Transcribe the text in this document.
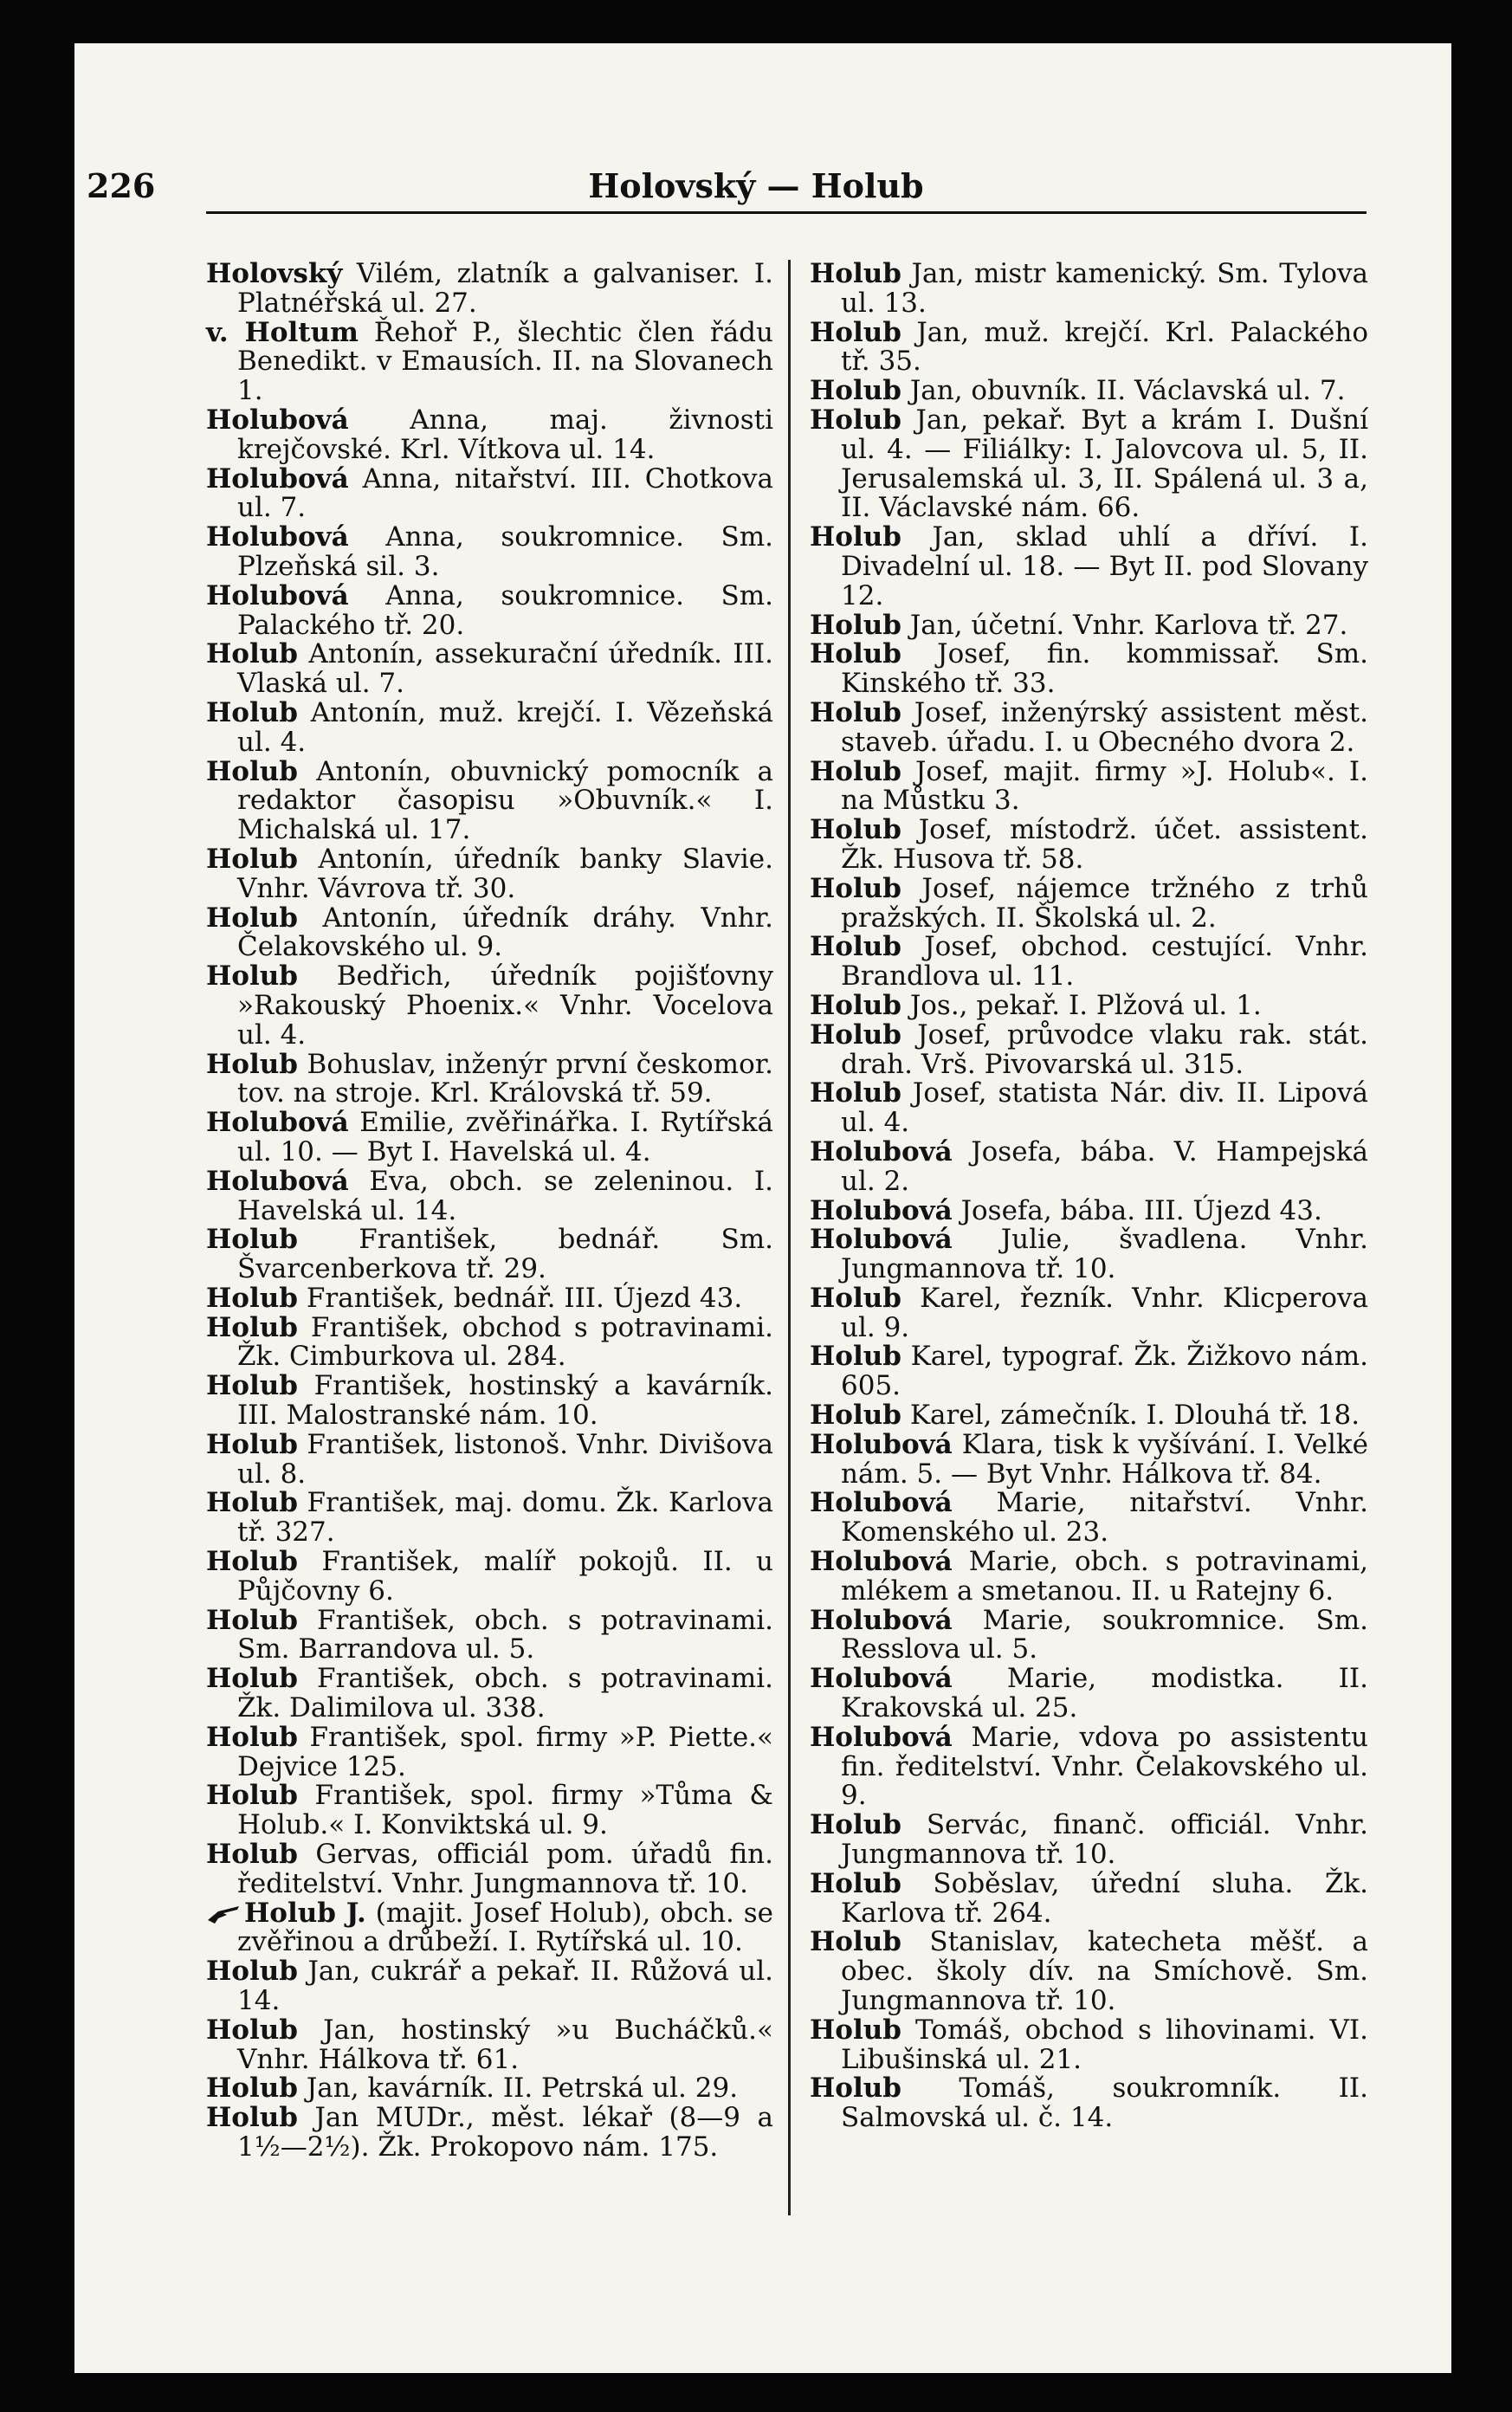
226	Holovský — Holub

Holovský Vilém, zlatník a galvaniser. I. Platnéřská ul. 27.

v. Holtum Řehoř P., šlechtic člen řádu Benedikt. v Emausích. II. na Slovanech 1.

Holubová Anna, maj. živnosti krejčovské. Krl. Vítkova ul. 14.

Holubová Anna, nitařství. III. Chotkova ul. 7.

Holubová Anna, soukromnice. Sm. Plzeňská sil. 3.

Holubová Anna, soukromnice. Sm. Palackého tř. 20.

Holub Antonín, assekurační úředník. III. Vlaská ul. 7.

Holub Antonín, muž. krejčí. I. Vězeňská ul. 4.

Holub Antonín, obuvnický pomocník a redaktor časopisu »Obuvník.« I. Michalská ul. 17.

Holub Antonín, úředník banky Slavie. Vnhr. Vávrova tř. 30.

Holub Antonín, úředník dráhy. Vnhr. Čelakovského ul. 9.

Holub Bedřich, úředník pojišťovny »Rakouský Phoenix.« Vnhr. Vocelova ul. 4.

Holub Bohuslav, inženýr první českomor. tov. na stroje. Krl. Královská tř. 59.

Holubová Emilie, zvěřinářka. I. Rytířská ul. 10. — Byt I. Havelská ul. 4.

Holubová Eva, obch. se zeleninou. I. Havelská ul. 14.

Holub František, bednář. Sm. Švarcenberkova tř. 29.

Holub František, bednář. III. Újezd 43.

Holub František, obchod s potravinami. Žk. Cimburkova ul. 284.

Holub František, hostinský a kavárník. III. Malostranské nám. 10.

Holub František, listonoš. Vnhr. Divišova ul. 8.

Holub František, maj. domu. Žk. Karlova tř. 327.

Holub František, malíř pokojů. II. u Půjčovny 6.

Holub František, obch. s potravinami. Sm. Barrandova ul. 5.

Holub František, obch. s potravinami. Žk. Dalimilova ul. 338.

Holub František, spol. firmy »P. Piette.« Dejvice 125.

Holub František, spol. firmy »Tůma & Holub.« I. Konviktská ul. 9.

Holub Gervas, officiál pom. úřadů fin. ředitelství. Vnhr. Jungmannova tř. 10.

Holub J. (majit. Josef Holub), obch. se zvěřinou a drůbeží. I. Rytířská ul. 10.

Holub Jan, cukrář a pekař. II. Růžová ul. 14.

Holub Jan, hostinský »u Bucháčků.« Vnhr. Hálkova tř. 61.

Holub Jan, kavárník. II. Petrská ul. 29.

Holub Jan MUDr., měst. lékař (8—9 a 1½—2½). Žk. Prokopovo nám. 175.

Holub Jan, mistr kamenický. Sm. Tylova ul. 13.

Holub Jan, muž. krejčí. Krl. Palackého tř. 35.

Holub Jan, obuvník. II. Václavská ul. 7.

Holub Jan, pekař. Byt a krám I. Dušní ul. 4. — Filiálky: I. Jalovcova ul. 5, II. Jerusalemská ul. 3, II. Spálená ul. 3 a, II. Václavské nám. 66.

Holub Jan, sklad uhlí a dříví. I. Divadelní ul. 18. — Byt II. pod Slovany 12.

Holub Jan, účetní. Vnhr. Karlova tř. 27.

Holub Josef, fin. kommissař. Sm. Kinského tř. 33.

Holub Josef, inženýrský assistent měst. staveb. úřadu. I. u Obecného dvora 2.

Holub Josef, majit. firmy »J. Holub«. I. na Můstku 3.

Holub Josef, místodrž. účet. assistent. Žk. Husova tř. 58.

Holub Josef, nájemce tržného z trhů pražských. II. Školská ul. 2.

Holub Josef, obchod. cestující. Vnhr. Brandlova ul. 11.

Holub Jos., pekař. I. Plžová ul. 1.

Holub Josef, průvodce vlaku rak. stát. drah. Vrš. Pivovarská ul. 315.

Holub Josef, statista Nár. div. II. Lipová ul. 4.

Holubová Josefa, bába. V. Hampejská ul. 2.

Holubová Josefa, bába. III. Újezd 43.

Holubová Julie, švadlena. Vnhr. Jungmannova tř. 10.

Holub Karel, řezník. Vnhr. Klicperova ul. 9.

Holub Karel, typograf. Žk. Žižkovo nám. 605.

Holub Karel, zámečník. I. Dlouhá tř. 18.

Holubová Klara, tisk k vyšívání. I. Velké nám. 5. — Byt Vnhr. Hálkova tř. 84.

Holubová Marie, nitařství. Vnhr. Komenského ul. 23.

Holubová Marie, obch. s potravinami, mlékem a smetanou. II. u Ratejny 6.

Holubová Marie, soukromnice. Sm. Resslova ul. 5.

Holubová Marie, modistka. II. Krakovská ul. 25.

Holubová Marie, vdova po assistentu fin. ředitelství. Vnhr. Čelakovského ul. 9.

Holub Servác, finanč. officiál. Vnhr. Jungmannova tř. 10.

Holub Soběslav, úřední sluha. Žk. Karlova tř. 264.

Holub Stanislav, katecheta měšť. a obec. školy dív. na Smíchově. Sm. Jungmannova tř. 10.

Holub Tomáš, obchod s lihovinami. VI. Libušinská ul. 21.

Holub Tomáš, soukromník. II. Salmovská ul. č. 14.
